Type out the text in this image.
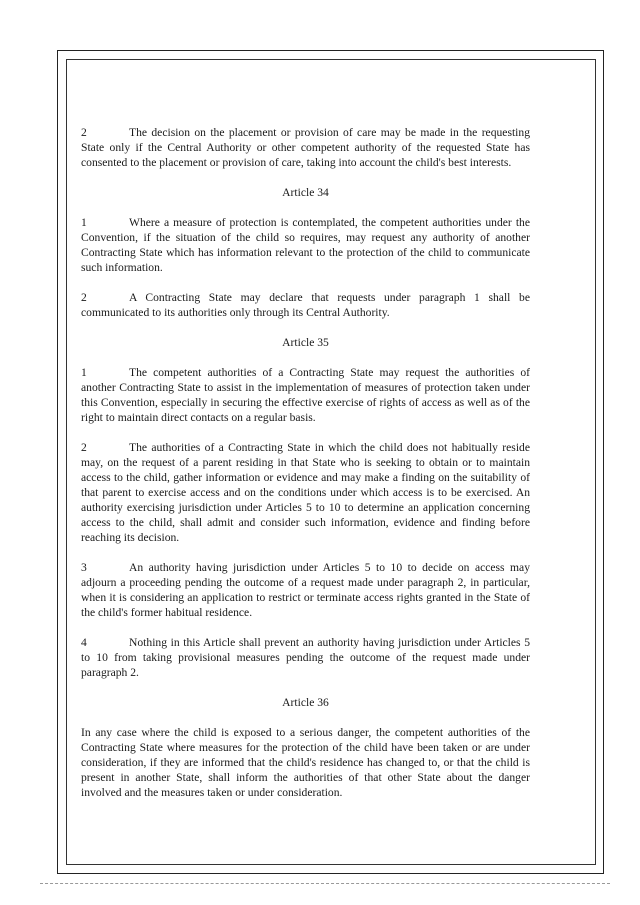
2	The decision on the placement or provision of care may be made in the requesting State only if the Central Authority or other competent authority of the requested State has consented to the placement or provision of care, taking into account the child's best interests.

Article 34

1	Where a measure of protection is contemplated, the competent authorities under the Convention, if the situation of the child so requires, may request any authority of another Contracting State which has information relevant to the protection of the child to communicate such information.

2	A Contracting State may declare that requests under paragraph 1 shall be communicated to its authorities only through its Central Authority.

Article 35

1	The competent authorities of a Contracting State may request the authorities of another Contracting State to assist in the implementation of measures of protection taken under this Convention, especially in securing the effective exercise of rights of access as well as of the right to maintain direct contacts on a regular basis.

2	The authorities of a Contracting State in which the child does not habitually reside may, on the request of a parent residing in that State who is seeking to obtain or to maintain access to the child, gather information or evidence and may make a finding on the suitability of that parent to exercise access and on the conditions under which access is to be exercised. An authority exercising jurisdiction under Articles 5 to 10 to determine an application concerning access to the child, shall admit and consider such information, evidence and finding before reaching its decision.

3	An authority having jurisdiction under Articles 5 to 10 to decide on access may adjourn a proceeding pending the outcome of a request made under paragraph 2, in particular, when it is considering an application to restrict or terminate access rights granted in the State of the child's former habitual residence.

4	Nothing in this Article shall prevent an authority having jurisdiction under Articles 5 to 10 from taking provisional measures pending the outcome of the request made under paragraph 2.

Article 36

In any case where the child is exposed to a serious danger, the competent authorities of the Contracting State where measures for the protection of the child have been taken or are under consideration, if they are informed that the child's residence has changed to, or that the child is present in another State, shall inform the authorities of that other State about the danger involved and the measures taken or under consideration.
